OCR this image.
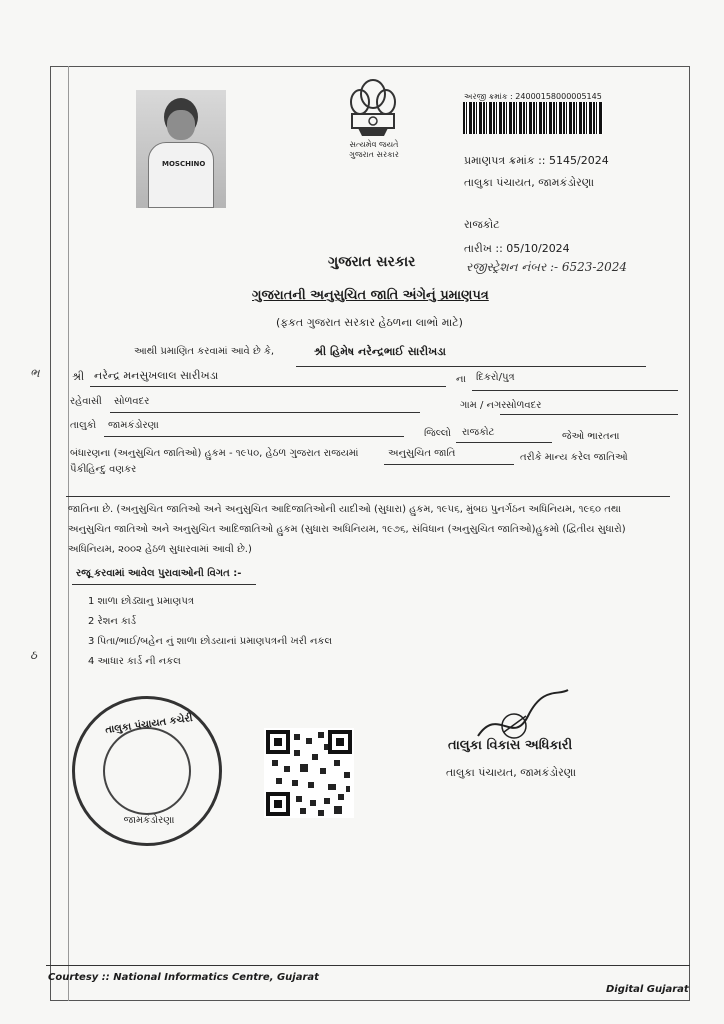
MOSCHINO
સત્યમેવ જયતે
ગુજરાત સરકાર
અરજી ક્રમાંક : 24000158000005145
પ્રમાણપત્ર ક્રમાંક :: 5145/2024
તાલુકા પંચાયત, જામકંડોરણા
રાજકોટ
તારીખ :: 05/10/2024
રજીસ્ટ્રેશન નંબર :- 6523-2024
ગુજરાત સરકાર
ગુજરાતની અનુસુચિત જાતિ અંગેનું પ્રમાણપત્ર
(ફકત ગુજરાત સરકાર હેઠળના લાભો માટે)
આથી પ્રમાણિત કરવામાં આવે છે કે,	શ્રી હિમેષ નરેન્દ્રભાઈ સારીખડા
ભ	શ્રી નરેન્દ્ર મનસુખલાલ સારીખડા	ના દિકરો/પુત્ર
રહેવાસી સોળવદર	ગામ / નગર સોળવદર
તાલુકો જામકંડોરણા
જિલ્લો રાજકોટ	જેઓ ભારતના
બંધારણના (અનુસુચિત જાતિઓ) હુકમ - ૧૯૫૦, હેઠળ ગુજરાત રાજયમાં	અનુસુચિત જાતિ	તરીકે માન્ય કરેલ જાતિઓ
પૈકી હિન્દુ વણકર
જાતિના છે. (અનુસુચિત જાતિઓ અને અનુસુચિત આદિજાતિઓની યાદીઓ (સુધારા) હુકમ, ૧૯૫૬, મુંબઇ પુનર્ગઠન અધિનિયમ, ૧૯૬૦ તથા
અનુસુચિત જાતિઓ અને અનુસુચિત આદિજાતિઓ હુકમ (સુધારા અધિનિયમ, ૧૯૭૬, સંવિધાન (અનુસુચિત જાતિઓ)હુકમો (દ્વિતીય સુધારો)
અધિનિયમ, ૨૦૦૨ હેઠળ સુધારવામાં આવી છે.)
રજૂ કરવામાં આવેલ પુરાવાઓની વિગત :-
1 શાળા છોડ્યાનુ પ્રમાણપત્ર
2 રેશન કાર્ડ
3 પિતા/ભાઈ/બહેન નું શાળા છોડયાનાં પ્રમાણપત્રની ખરી નકલ
4 આધાર કાર્ડ ની નકલ
ઠ
તાલુકા પંચાયત કચેરી
જામકંડોરણા
તાલુકા વિકાસ અધિકારી
તાલુકા પંચાયત, જામકંડોરણા
Courtesy :: National Informatics Centre, Gujarat
Digital Gujarat
